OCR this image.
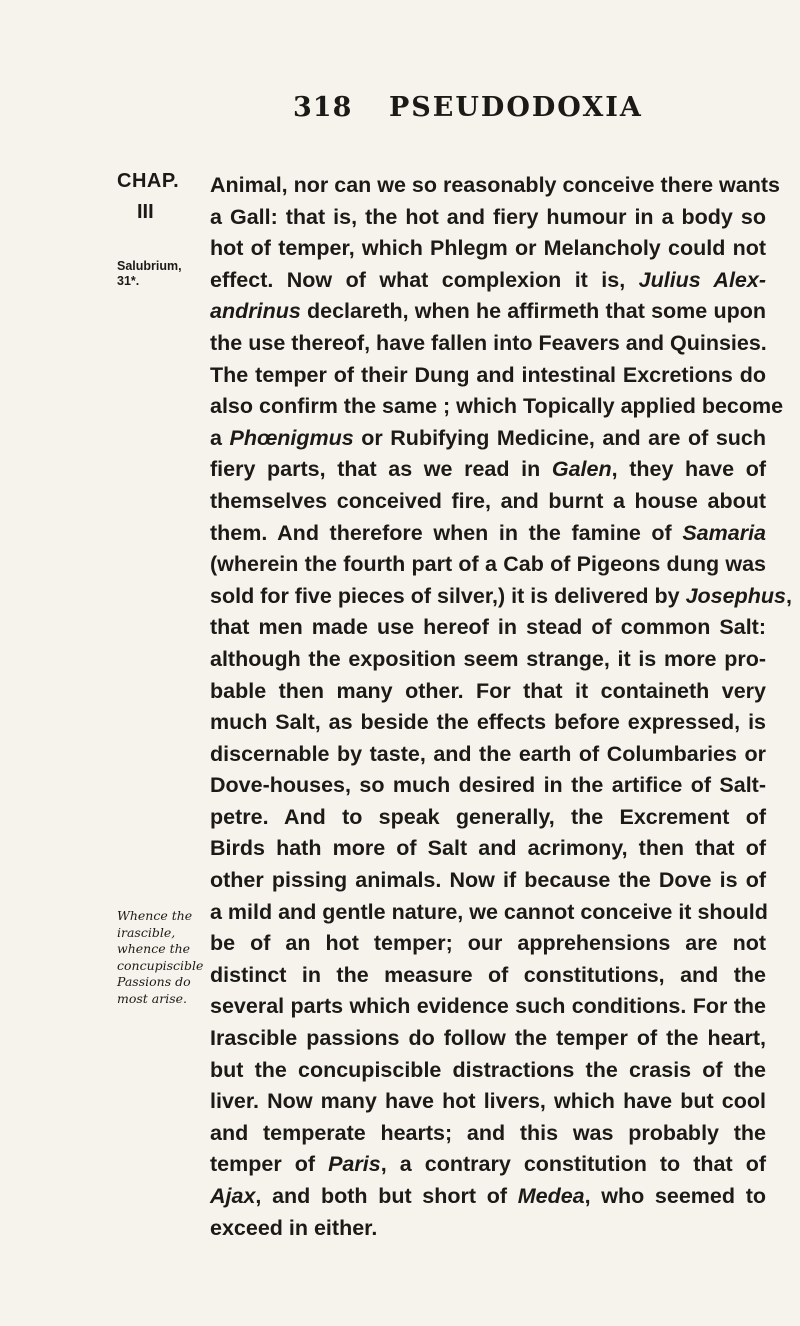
318 PSEUDODOXIA
CHAP.
III
Salubrium,
31*.
Whence the
irascible,
whence the
concupiscible
Passions do
most arise.
Animal, nor can we so reasonably conceive there wants
a Gall: that is, the hot and fiery humour in a body so
hot of temper, which Phlegm or Melancholy could not
effect. Now of what complexion it is, Julius Alex-
andrinus declareth, when he affirmeth that some upon
the use thereof, have fallen into Feavers and Quinsies.
The temper of their Dung and intestinal Excretions do
also confirm the same ; which Topically applied become
a Phœnigmus or Rubifying Medicine, and are of such
fiery parts, that as we read in Galen, they have of
themselves conceived fire, and burnt a house about
them. And therefore when in the famine of Samaria
(wherein the fourth part of a Cab of Pigeons dung was
sold for five pieces of silver,) it is delivered by Josephus,
that men made use hereof in stead of common Salt:
although the exposition seem strange, it is more pro-
bable then many other. For that it containeth very
much Salt, as beside the effects before expressed, is
discernable by taste, and the earth of Columbaries or
Dove-houses, so much desired in the artifice of Salt-
petre. And to speak generally, the Excrement of
Birds hath more of Salt and acrimony, then that of
other pissing animals. Now if because the Dove is of
a mild and gentle nature, we cannot conceive it should
be of an hot temper; our apprehensions are not
distinct in the measure of constitutions, and the
several parts which evidence such conditions. For the
Irascible passions do follow the temper of the heart,
but the concupiscible distractions the crasis of the
liver. Now many have hot livers, which have but cool
and temperate hearts; and this was probably the
temper of Paris, a contrary constitution to that of
Ajax, and both but short of Medea, who seemed to
exceed in either.
